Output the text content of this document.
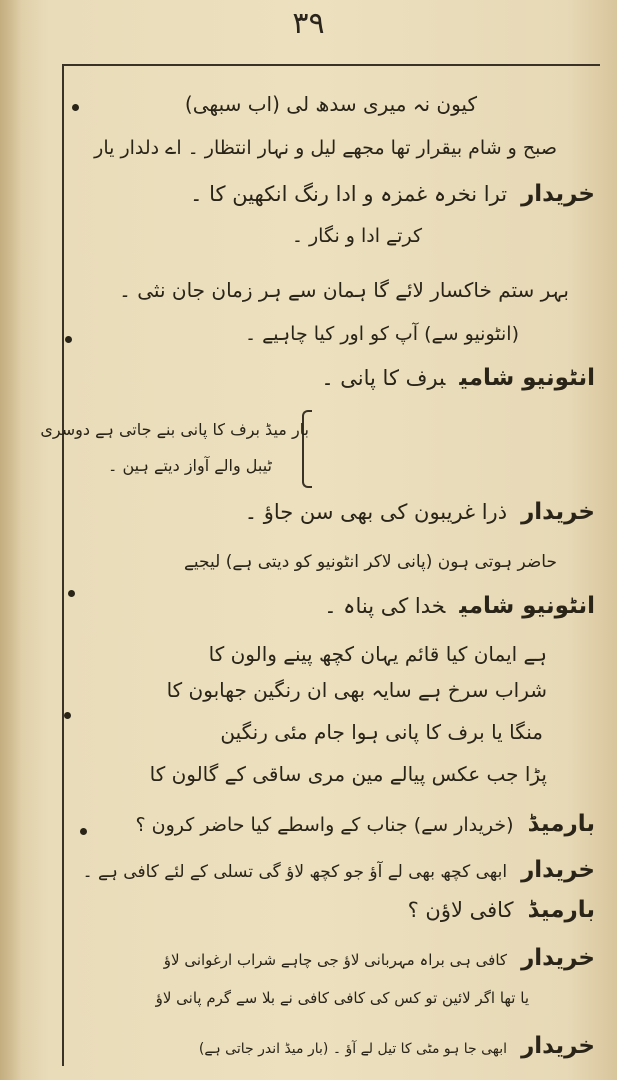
۳۹
کیون نہ میری سدھ لی (اب سبھی)
صبح و شام بیقرار تھا مجھے لیل و نہار انتظار ۔ اے دلدار یار
خریدارترا نخرہ غمزہ و ادا رنگ انکھین کا ۔
کرتے ادا و نگار ۔
بہر ستم خاکسار لائے گا ہمان سے ہر زمان جان نثی ۔
(انٹونیو سے) آپ کو اور کیا چاہیے ۔
انٹونیو شامیبرف کا پانی ۔
بار میڈ برف کا پانی بنے جاتی ہے دوسری
ٹیبل والے آواز دیتے ہین ۔
خریدارذرا غریبون کی بھی سن جاؤ ۔
حاضر ہوتی ہون (پانی لاکر انٹونیو کو دیتی ہے) لیجیے
انٹونیو شامیخدا کی پناہ ۔
ہے ایمان کیا قائم یہان کچھ پینے والون کا
شراب سرخ ہے سایہ بھی ان رنگین جھابون کا
منگا یا برف کا پانی ہوا جام مئی رنگین
پڑا جب عکس پیالے مین مری ساقی کے گالون کا
بارمیڈ(خریدار سے) جناب کے واسطے کیا حاضر کرون ؟
خریدارابھی کچھ بھی لے آؤ جو کچھ لاؤ گی تسلی کے لئے کافی ہے ۔
بارمیڈکافی لاؤن ؟
خریدارکافی ہی براہ مہربانی لاؤ جی چاہے شراب ارغوانی لاؤ
یا تھا اگر لائین تو کس کی کافی کافی نے بلا سے گرم پانی لاؤ
خریدارابھی جا ہو مٹی کا تیل لے آؤ ۔ (بار میڈ اندر جاتی ہے)
